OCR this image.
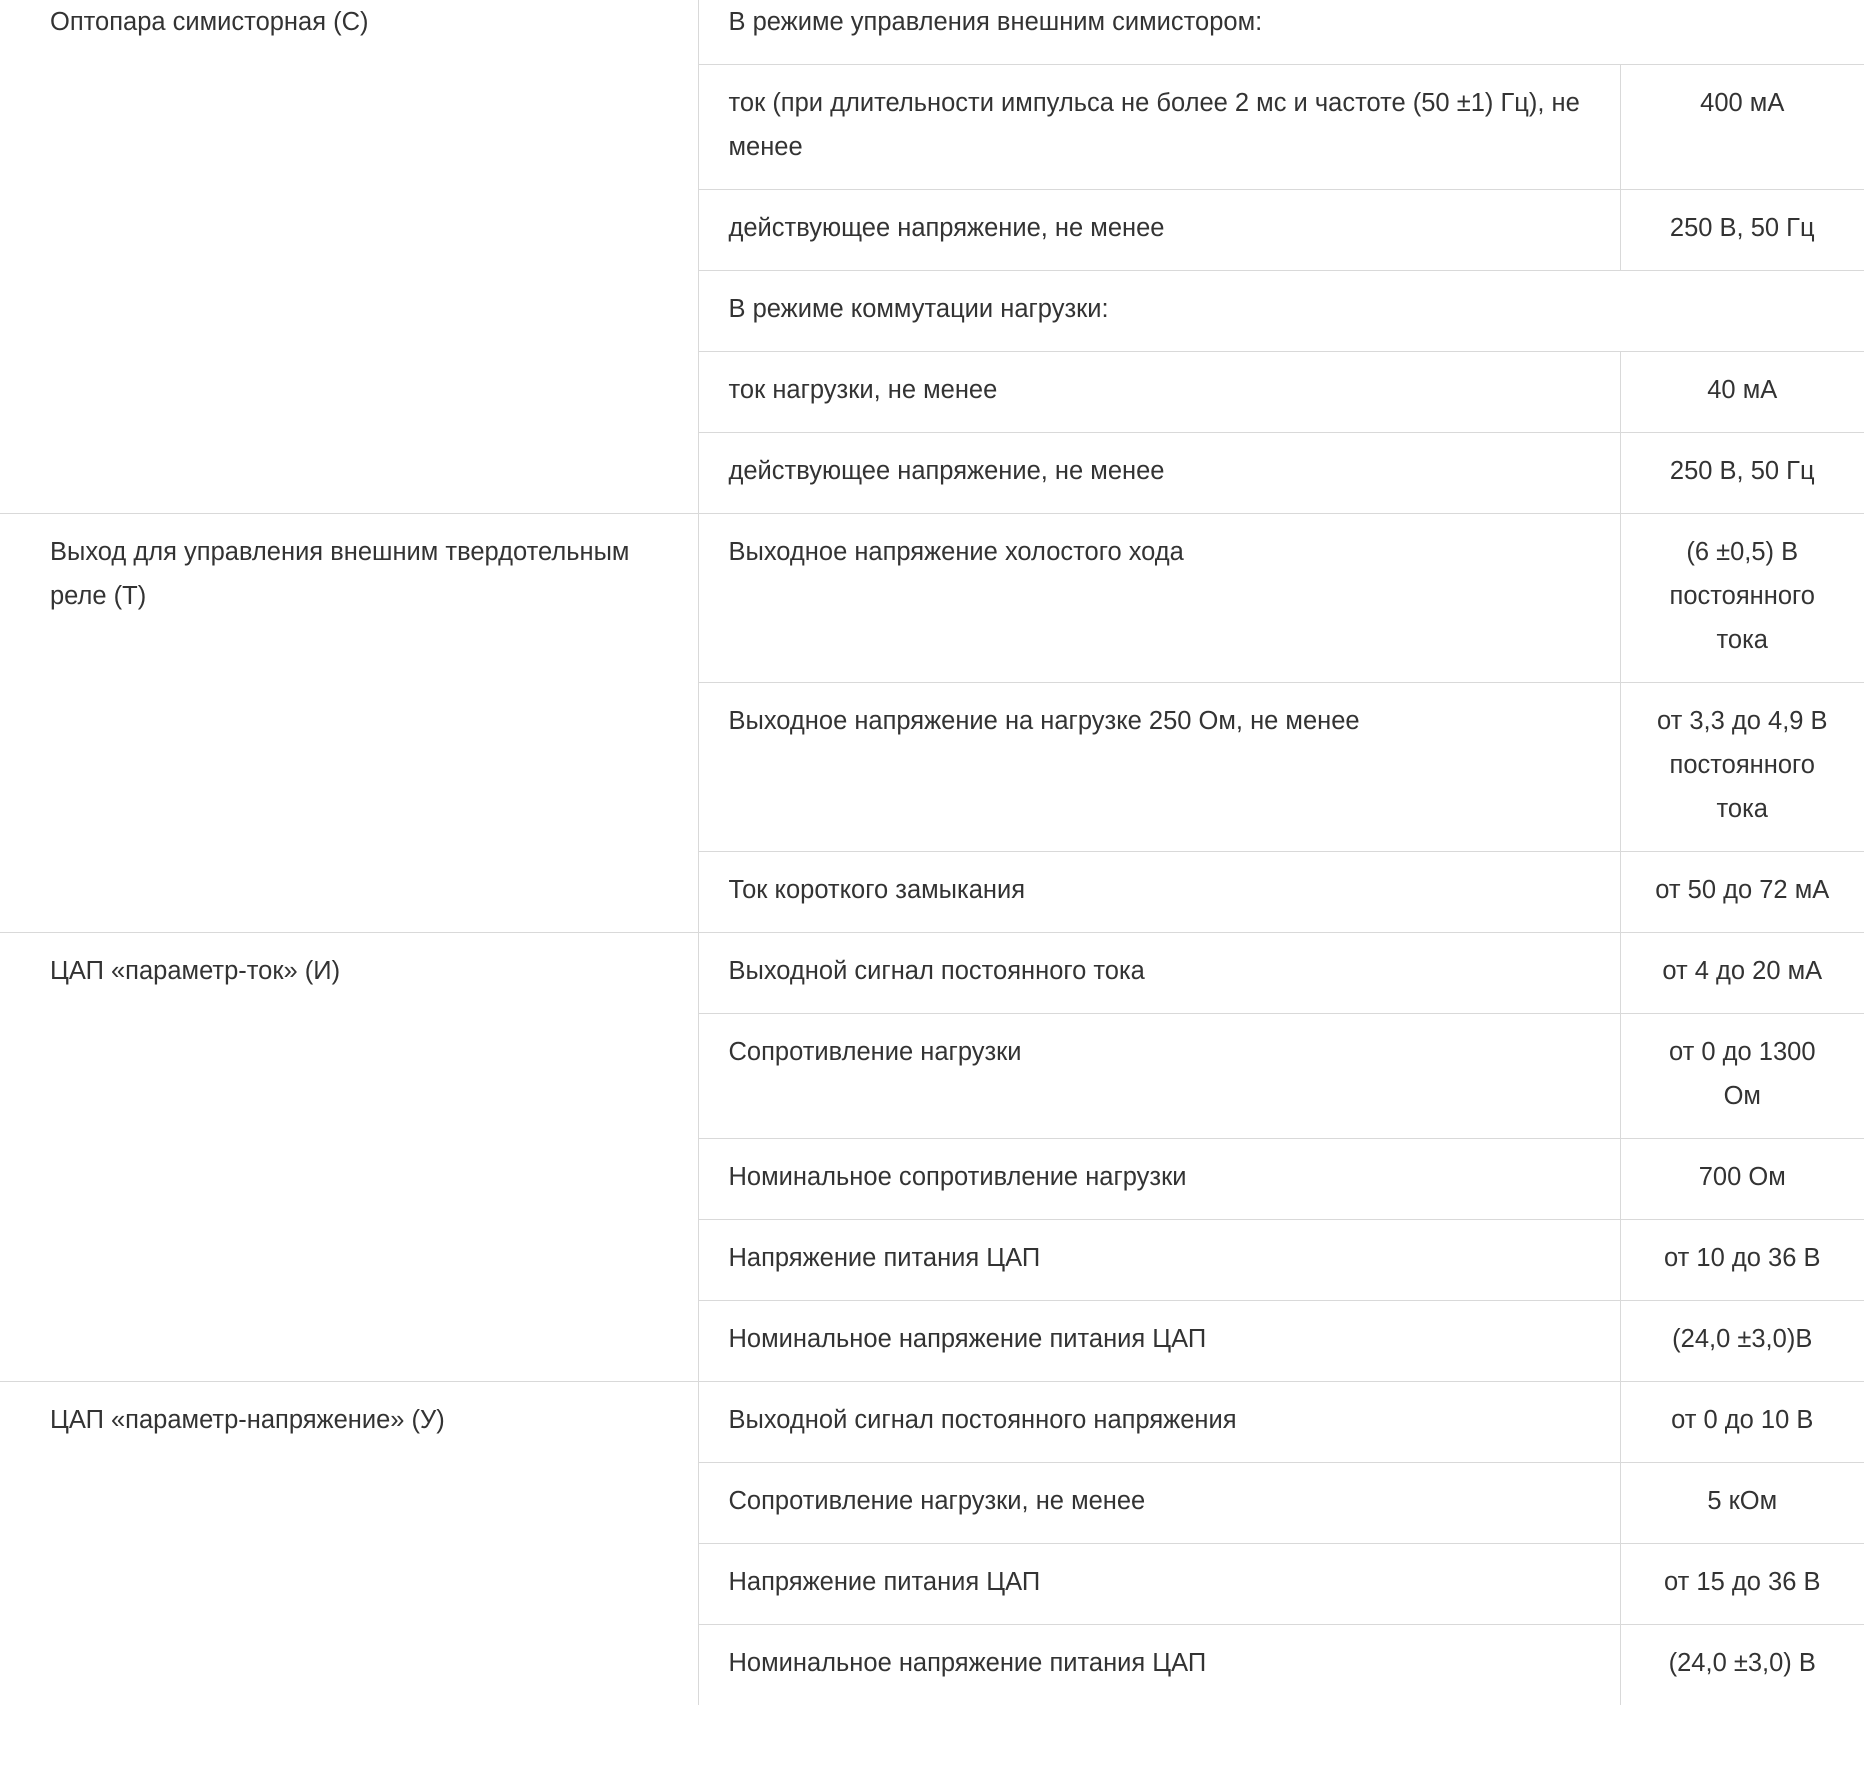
Оптопара симисторная (С)	В режиме управления внешним симистором:	
	ток (при длительности импульса не более 2 мс и частоте (50 ±1) Гц), не менее	400 мА
	действующее напряжение, не менее	250 В, 50 Гц
	В режиме коммутации нагрузки:	
	ток нагрузки, не менее	40 мА
	действующее напряжение, не менее	250 В, 50 Гц
Выход для управления внешним твердотельным реле (Т)	Выходное напряжение холостого хода	(6 ±0,5) В постоянного тока
	Выходное напряжение на нагрузке 250 Ом, не менее	от 3,3 до 4,9 В постоянного тока
	Ток короткого замыкания	от 50 до 72 мА
ЦАП «параметр-ток» (И)	Выходной сигнал постоянного тока	от 4 до 20 мА
	Сопротивление нагрузки	от 0 до 1300 Ом
	Номинальное сопротивление нагрузки	700 Ом
	Напряжение питания ЦАП	от 10 до 36 В
	Номинальное напряжение питания ЦАП	(24,0 ±3,0)В
ЦАП «параметр-напряжение» (У)	Выходной сигнал постоянного напряжения	от 0 до 10 В
	Сопротивление нагрузки, не менее	5 кОм
	Напряжение питания ЦАП	от 15 до 36 В
	Номинальное напряжение питания ЦАП	(24,0 ±3,0) В
